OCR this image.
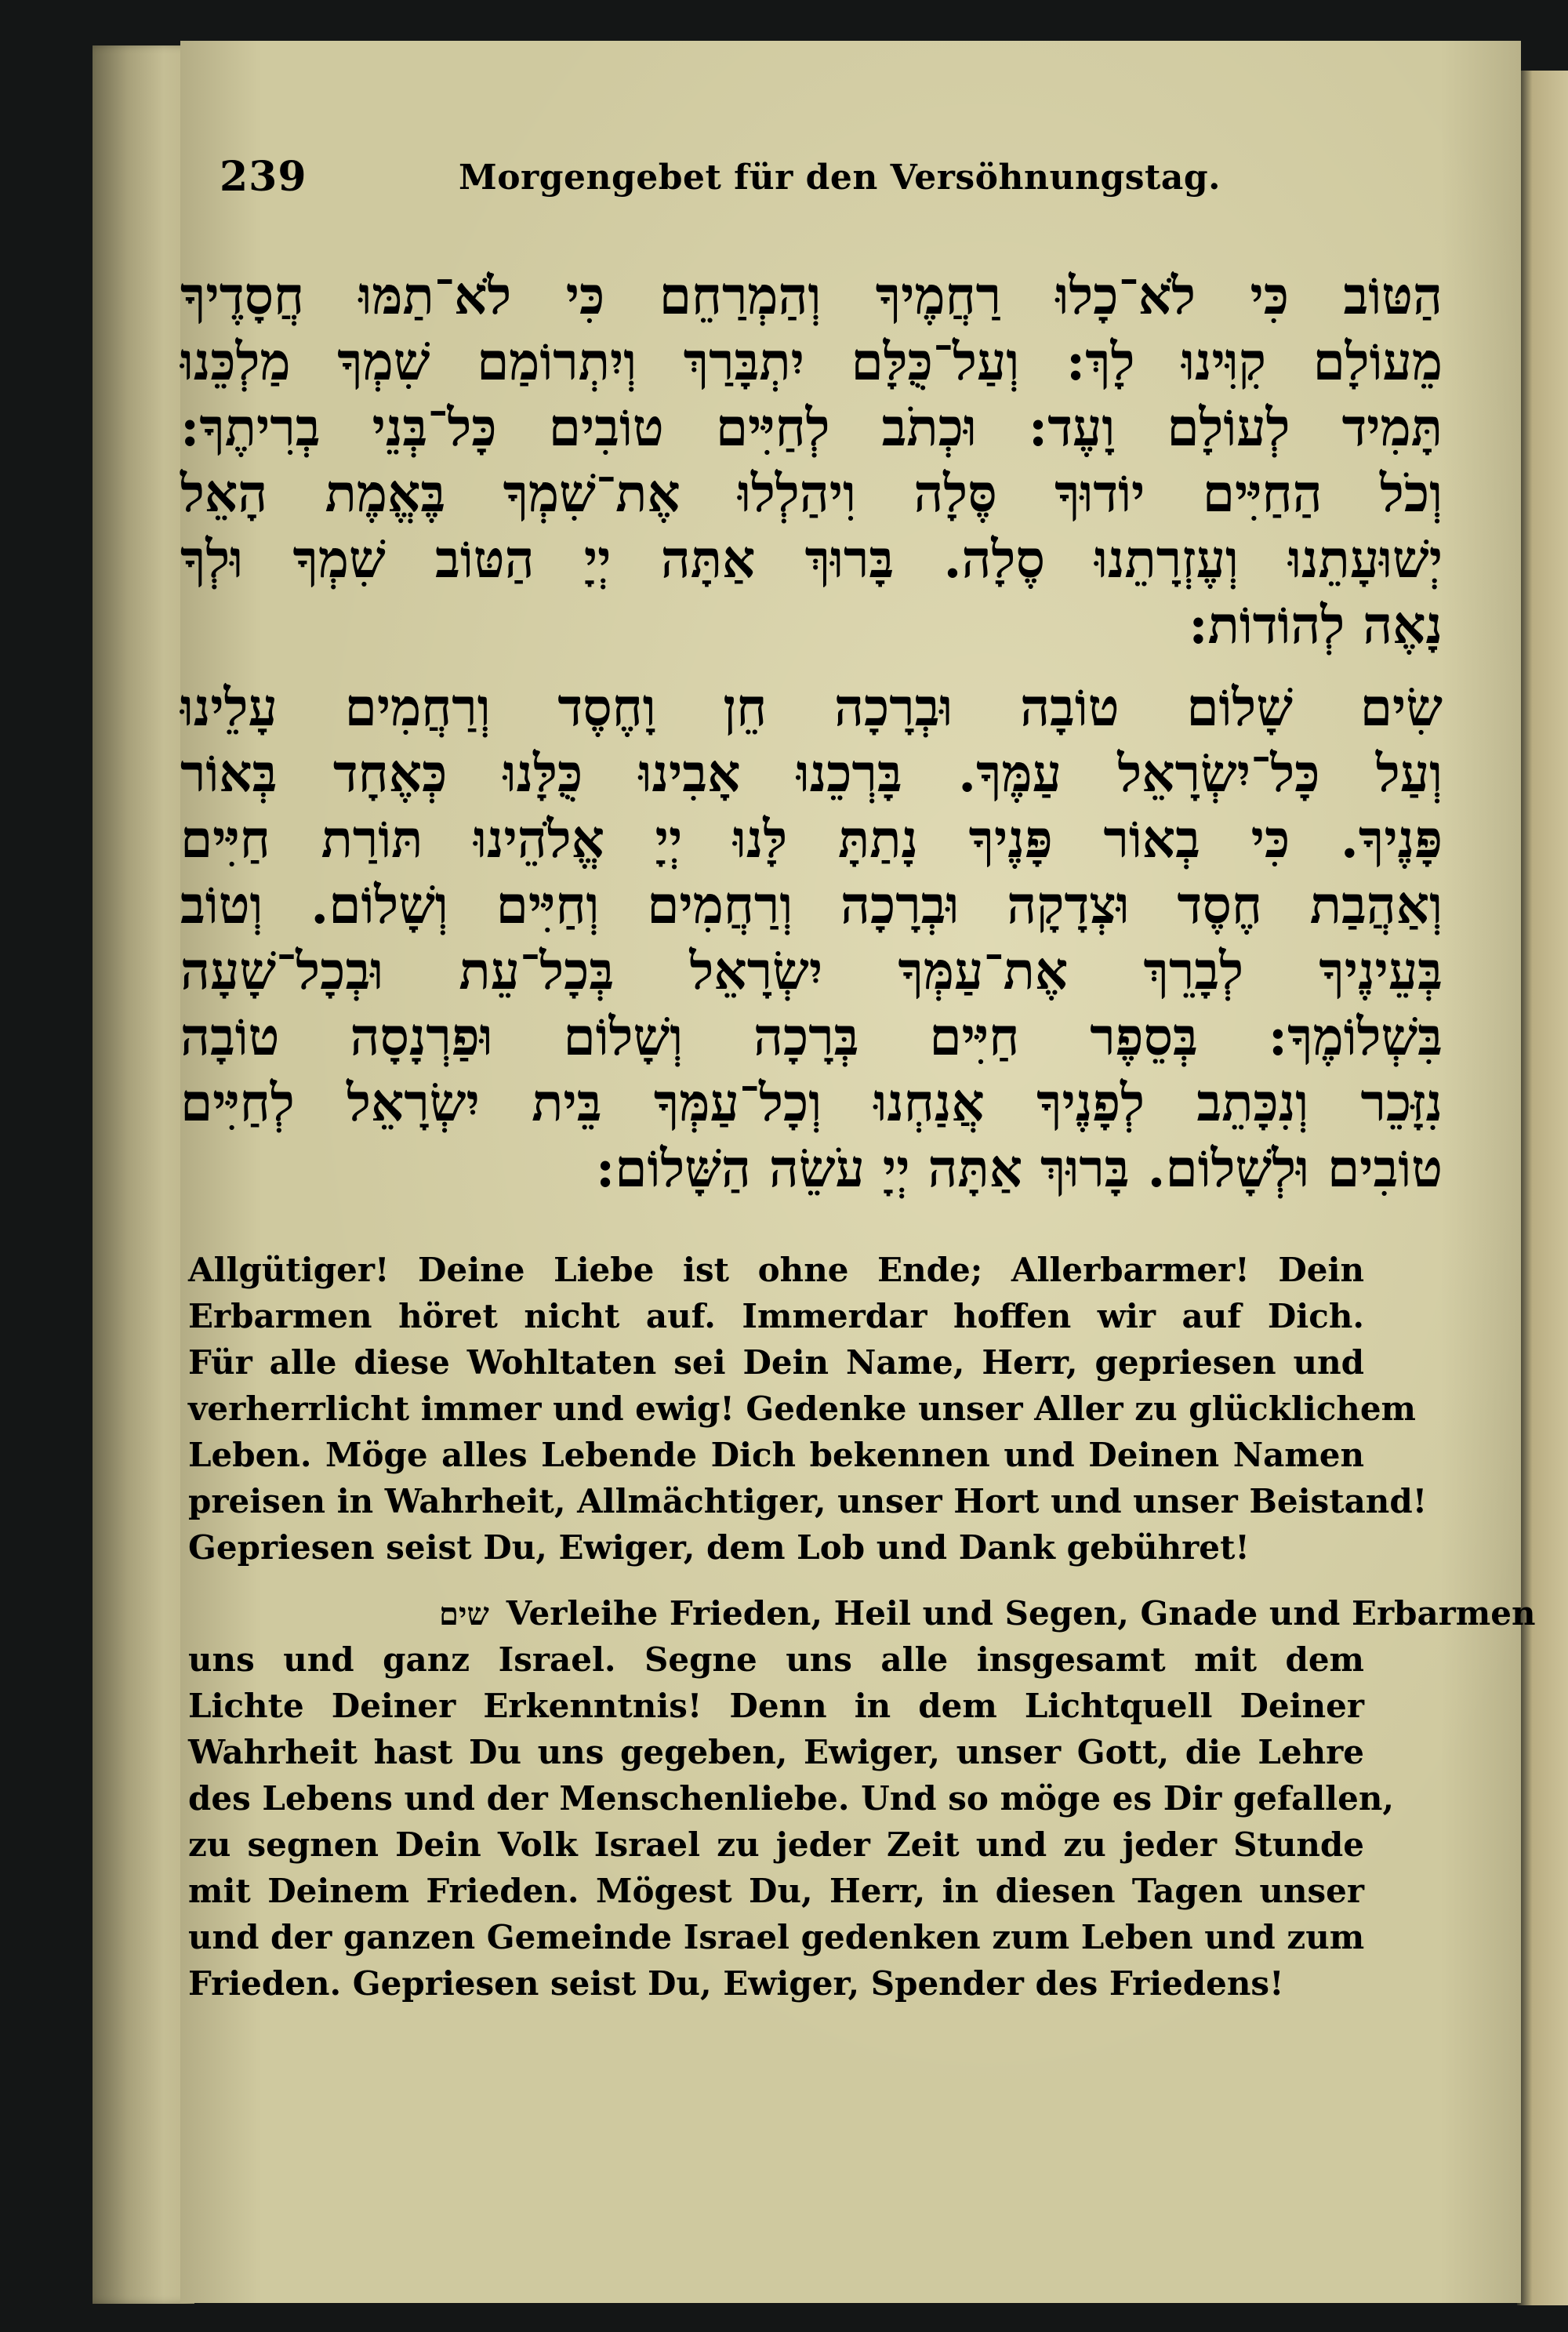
239	Morgengebet für den Versöhnungstag.
הַטּוֹב כִּי לֹא־כָלוּ רַחֲמֶיךָ וְהַמְרַחֵם כִּי לֹא־תַמּוּ חֲסָדֶיךָ
מֵעוֹלָם קִוִּינוּ לָךְ: וְעַל־כֻּלָּם יִתְבָּרַךְ וְיִתְרוֹמַם שִׁמְךָ מַלְכֵּנוּ
תָּמִיד לְעוֹלָם וָעֶד: וּכְתֹב לְחַיִּים טוֹבִים כָּל־בְּנֵי בְרִיתֶךָ:
וְכֹל הַחַיִּים יוֹדוּךָ סֶּלָה וִיהַלְלוּ אֶת־שִׁמְךָ בֶּאֱמֶת הָאֵל
יְשׁוּעָתֵנוּ וְעֶזְרָתֵנוּ סֶלָה. בָּרוּךְ אַתָּה יְיָ הַטּוֹב שִׁמְךָ וּלְךָ
נָאֶה לְהוֹדוֹת:
שִׂים שָׁלוֹם טוֹבָה וּבְרָכָה חֵן וָחֶסֶד וְרַחֲמִים עָלֵינוּ
וְעַל כָּל־יִשְׂרָאֵל עַמֶּךָ. בָּרְכֵנוּ אָבִינוּ כֻּלָּנוּ כְּאֶחָד בְּאוֹר
פָּנֶיךָ. כִּי בְאוֹר פָּנֶיךָ נָתַתָּ לָּנוּ יְיָ אֱלֹהֵינוּ תּוֹרַת חַיִּים
וְאַהֲבַת חֶסֶד וּצְדָקָה וּבְרָכָה וְרַחֲמִים וְחַיִּים וְשָׁלוֹם. וְטוֹב
בְּעֵינֶיךָ לְבָרֵךְ אֶת־עַמְּךָ יִשְׂרָאֵל בְּכָל־עֵת וּבְכָל־שָׁעָה
בִּשְׁלוֹמֶךָ: בְּסֵפֶר חַיִּים בְּרָכָה וְשָׁלוֹם וּפַרְנָסָה טוֹבָה
נִזָּכֵר וְנִכָּתֵב לְפָנֶיךָ אֲנַחְנוּ וְכָל־עַמְּךָ בֵּית יִשְׂרָאֵל לְחַיִּים
טוֹבִים וּלְשָׁלוֹם. בָּרוּךְ אַתָּה יְיָ עֹשֵׂה הַשָּׁלוֹם:
Allgütiger! Deine Liebe ist ohne Ende; Allerbarmer! Dein
Erbarmen höret nicht auf. Immerdar hoffen wir auf Dich.
Für alle diese Wohltaten sei Dein Name, Herr, gepriesen und
verherrlicht immer und ewig! Gedenke unser Aller zu glücklichem
Leben. Möge alles Lebende Dich bekennen und Deinen Namen
preisen in Wahrheit, Allmächtiger, unser Hort und unser Beistand!
Gepriesen seist Du, Ewiger, dem Lob und Dank gebühret!
שים Verleihe Frieden, Heil und Segen, Gnade und Erbarmen
uns und ganz Israel. Segne uns alle insgesamt mit dem
Lichte Deiner Erkenntnis! Denn in dem Lichtquell Deiner
Wahrheit hast Du uns gegeben, Ewiger, unser Gott, die Lehre
des Lebens und der Menschenliebe. Und so möge es Dir gefallen,
zu segnen Dein Volk Israel zu jeder Zeit und zu jeder Stunde
mit Deinem Frieden. Mögest Du, Herr, in diesen Tagen unser
und der ganzen Gemeinde Israel gedenken zum Leben und zum
Frieden. Gepriesen seist Du, Ewiger, Spender des Friedens!
